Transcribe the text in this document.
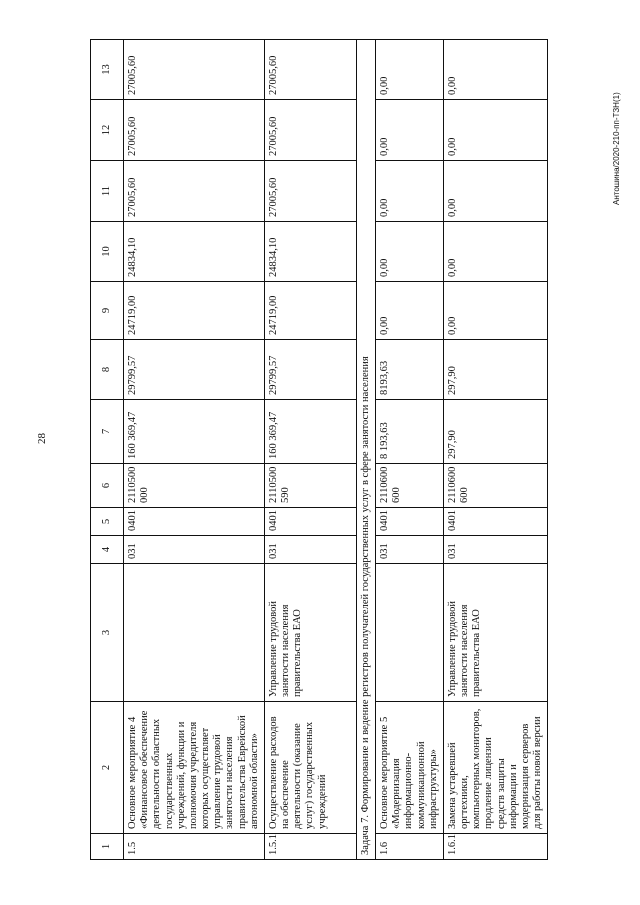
28
1	2	3	4	5	6	7	8	9	10	11	12	13
1.5	Основное мероприятие 4 «Финансовое обеспечение деятельности областных государственных учреждений, функции и полномочия учредителя которых осуществляет управление трудовой занятости населения правительства Еврейской автономной области»		031	0401	2110500 000	160 369,47	29799,57	24719,00	24834,10	27005,60	27005,60	27005,60
1.5.1	Осуществление расходов на обеспечение деятельности (оказание услуг) государственных учреждений	Управление трудовой занятости населения правительства ЕАО	031	0401	2110500 590	160 369,47	29799,57	24719,00	24834,10	27005,60	27005,60	27005,60
Задача 7. Формирование и ведение регистров получателей государственных услуг в сфере занятости населения												
1.6	Основное мероприятие 5 «Модернизация информационно-коммуникационной инфраструктуры»		031	0401	2110600 600	8 193,63	8193,63	0,00	0,00	0,00	0,00	0,00
1.6.1	Замена устаревшей оргтехники, компьютерных мониторов, продление лицензии средств защиты информации и модернизация серверов для работы новой версии	Управление трудовой занятости населения правительства ЕАО	031	0401	2110600 600	297,90	297,90	0,00	0,00	0,00	0,00	0,00
Антошина/2020-210-пп-ТЗН(1)
